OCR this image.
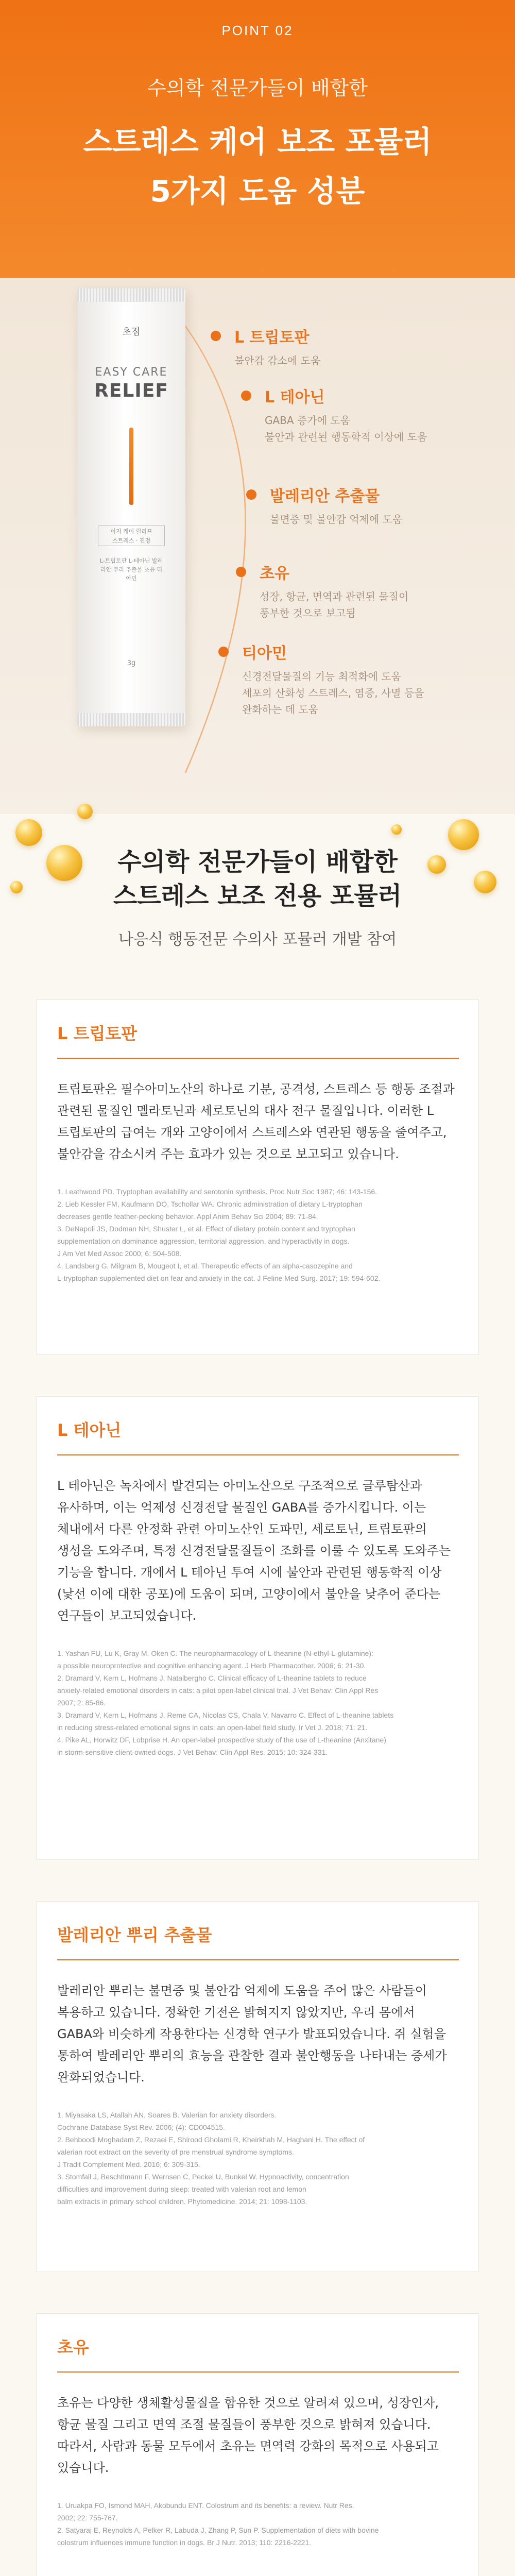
POINT 02
수의학 전문가들이 배합한
스트레스 케어 보조 포뮬러
5가지 도움 성분
초점
EASY CARE
RELIEF
이지 케어 릴리프
스트레스 · 진정
L-트립토판 L-테아닌 발레리안 뿌리 추출물 초유 티아민
3g
L 트립토판
불안감 감소에 도움
L 테아닌
GABA 증가에 도움
불안과 관련된 행동학적 이상에 도움
발레리안 추출물
불면증 및 불안감 억제에 도움
초유
성장, 항균, 면역과 관련된 물질이
풍부한 것으로 보고됨
티아민
신경전달물질의 기능 최적화에 도움
세포의 산화성 스트레스, 염증, 사멸 등을
완화하는 데 도움
수의학 전문가들이 배합한
스트레스 보조 전용 포뮬러
나응식 행동전문 수의사 포뮬러 개발 참여
L 트립토판
트립토판은 필수아미노산의 하나로 기분, 공격성, 스트레스 등 행동 조절과 관련된 물질인 멜라토닌과 세로토닌의 대사 전구 물질입니다. 이러한 L 트립토판의 급여는 개와 고양이에서 스트레스와 연관된 행동을 줄여주고, 불안감을 감소시켜 주는 효과가 있는 것으로 보고되고 있습니다.
1. Leathwood PD. Tryptophan availability and serotonin synthesis. Proc Nutr Soc 1987; 46: 143-156.
2. Lieb Kessler FM, Kaufmann DO, Tschollar WA. Chronic administration of dietary L-tryptophan
decreases gentle feather-pecking behavior. Appl Anim Behav Sci 2004; 89: 71-84.
3. DeNapoli JS, Dodman NH, Shuster L, et al. Effect of dietary protein content and tryptophan
supplementation on dominance aggression, territorial aggression, and hyperactivity in dogs.
J Am Vet Med Assoc 2000; 6: 504-508.
4. Landsberg G, Milgram B, Mougeot I, et al. Therapeutic effects of an alpha-casozepine and
L-tryptophan supplemented diet on fear and anxiety in the cat. J Feline Med Surg. 2017; 19: 594-602.
L 테아닌
L 테아닌은 녹차에서 발견되는 아미노산으로 구조적으로 글루탐산과 유사하며, 이는 억제성 신경전달 물질인 GABA를 증가시킵니다. 이는 체내에서 다른 안정화 관련 아미노산인 도파민, 세로토닌, 트립토판의 생성을 도와주며, 특정 신경전달물질들이 조화를 이룰 수 있도록 도와주는 기능을 합니다. 개에서 L 테아닌 투여 시에 불안과 관련된 행동학적 이상 (낯선 이에 대한 공포)에 도움이 되며, 고양이에서 불안을 낮추어 준다는 연구들이 보고되었습니다.
1. Yashan FU, Lu K, Gray M, Oken C. The neuropharmacology of L-theanine (N-ethyl-L-glutamine):
a possible neuroprotective and cognitive enhancing agent. J Herb Pharmacother. 2006; 6: 21-30.
2. Dramard V, Kern L, Hofmans J, Natalbergho C. Clinical efficacy of L-theanine tablets to reduce
anxiety-related emotional disorders in cats: a pilot open-label clinical trial. J Vet Behav: Clin Appl Res
2007; 2: 85-86.
3. Dramard V, Kern L, Hofmans J, Reme CA, Nicolas CS, Chala V, Navarro C. Effect of L-theanine tablets
in reducing stress-related emotional signs in cats: an open-label field study. Ir Vet J. 2018; 71: 21.
4. Pike AL, Horwitz DF, Lobprise H. An open-label prospective study of the use of L-theanine (Anxitane)
in storm-sensitive client-owned dogs. J Vet Behav: Clin Appl Res. 2015; 10: 324-331.
발레리안 뿌리 추출물
발레리안 뿌리는 불면증 및 불안감 억제에 도움을 주어 많은 사람들이 복용하고 있습니다. 정확한 기전은 밝혀지지 않았지만, 우리 몸에서 GABA와 비슷하게 작용한다는 신경학 연구가 발표되었습니다. 쥐 실험을 통하여 발레리안 뿌리의 효능을 관찰한 결과 불안행동을 나타내는 증세가 완화되었습니다.
1. Miyasaka LS, Atallah AN, Soares B. Valerian for anxiety disorders.
Cochrane Database Syst Rev. 2006; (4): CD004515.
2. Behboodi Moghadam Z, Rezaei E, Shirood Gholami R, Kheirkhah M, Haghani H. The effect of
valerian root extract on the severity of pre menstrual syndrome symptoms.
J Tradit Complement Med. 2016; 6: 309-315.
3. Stomfall J, Beschtlmann F, Wernsen C, Peckel U, Bunkel W. Hypnoactivity, concentration
difficulties and improvement during sleep: treated with valerian root and lemon
balm extracts in primary school children. Phytomedicine. 2014; 21: 1098-1103.
초유
초유는 다양한 생체활성물질을 함유한 것으로 알려져 있으며, 성장인자, 항균 물질 그리고 면역 조절 물질들이 풍부한 것으로 밝혀져 있습니다. 따라서, 사람과 동물 모두에서 초유는 면역력 강화의 목적으로 사용되고 있습니다.
1. Uruakpa FO, Ismond MAH, Akobundu ENT. Colostrum and its benefits: a review. Nutr Res.
2002; 22: 755-767.
2. Satyaraj E, Reynolds A, Pelker R, Labuda J, Zhang P, Sun P. Supplementation of diets with bovine
colostrum influences immune function in dogs. Br J Nutr. 2013; 110: 2216-2221.
